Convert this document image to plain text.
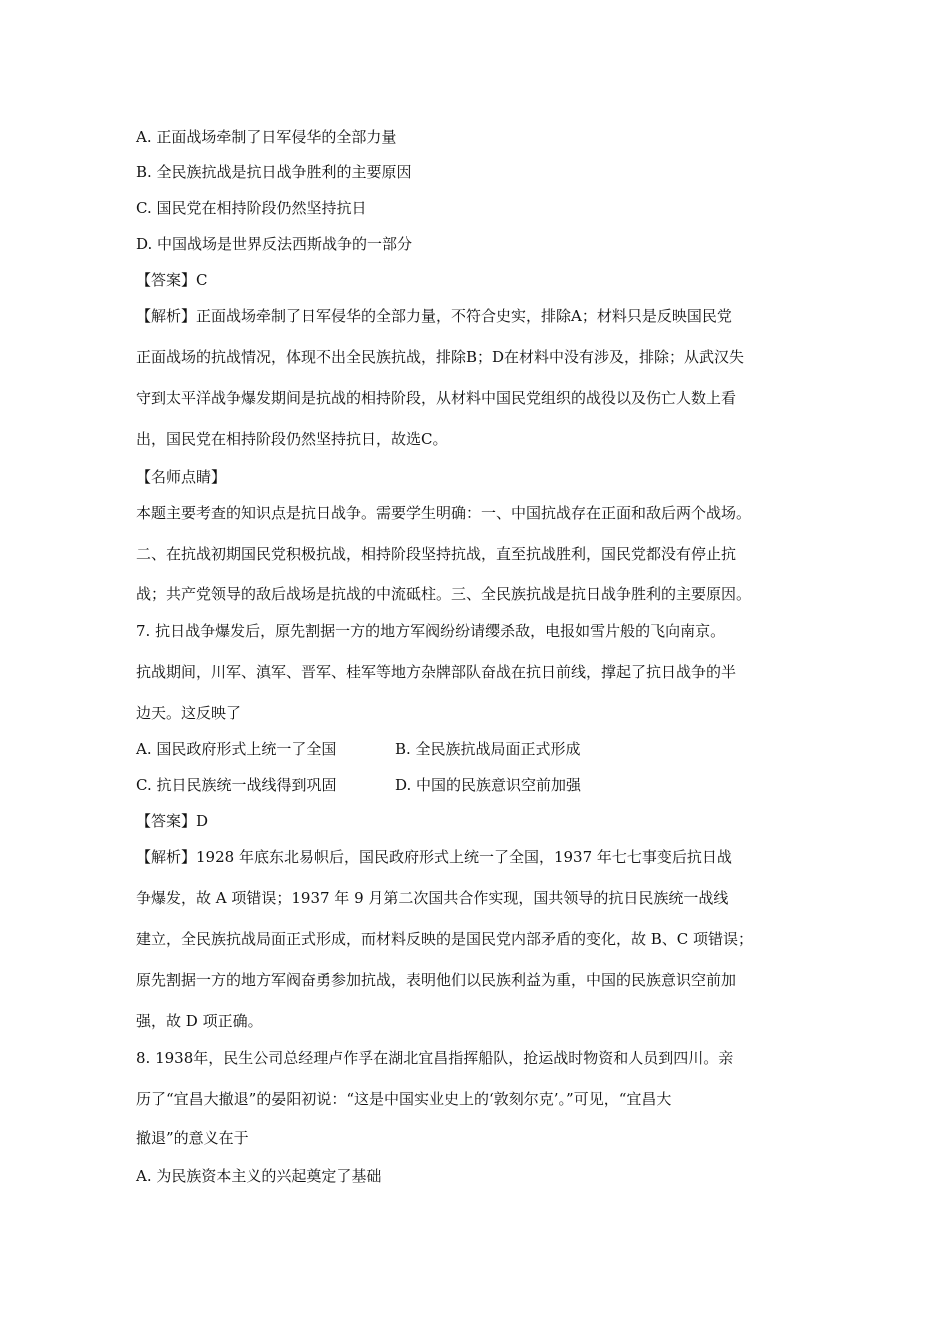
A. 正面战场牵制了日军侵华的全部力量
B. 全民族抗战是抗日战争胜利的主要原因
C. 国民党在相持阶段仍然坚持抗日
D. 中国战场是世界反法西斯战争的一部分
【答案】C
【解析】正面战场牵制了日军侵华的全部力量，不符合史实，排除A；材料只是反映国民党
正面战场的抗战情况，体现不出全民族抗战，排除B；D在材料中没有涉及，排除；从武汉失
守到太平洋战争爆发期间是抗战的相持阶段，从材料中国民党组织的战役以及伤亡人数上看
出，国民党在相持阶段仍然坚持抗日，故选C。
【名师点睛】
本题主要考查的知识点是抗日战争。需要学生明确：一、中国抗战存在正面和敌后两个战场。
二、在抗战初期国民党积极抗战，相持阶段坚持抗战，直至抗战胜利，国民党都没有停止抗
战；共产党领导的敌后战场是抗战的中流砥柱。三、全民族抗战是抗日战争胜利的主要原因。
7. 抗日战争爆发后，原先割据一方的地方军阀纷纷请缨杀敌，电报如雪片般的飞向南京。
抗战期间，川军、滇军、晋军、桂军等地方杂牌部队奋战在抗日前线，撑起了抗日战争的半
边天。这反映了
A. 国民政府形式上统一了全国	B. 全民族抗战局面正式形成
C. 抗日民族统一战线得到巩固	D. 中国的民族意识空前加强
【答案】D
【解析】1928 年底东北易帜后，国民政府形式上统一了全国，1937 年七七事变后抗日战
争爆发，故 A 项错误；1937 年 9 月第二次国共合作实现，国共领导的抗日民族统一战线
建立，全民族抗战局面正式形成，而材料反映的是国民党内部矛盾的变化，故 B、C 项错误；
原先割据一方的地方军阀奋勇参加抗战，表明他们以民族利益为重，中国的民族意识空前加
强，故 D 项正确。
8. 1938年，民生公司总经理卢作孚在湖北宜昌指挥船队，抢运战时物资和人员到四川。亲
历了“宜昌大撤退”的晏阳初说：“这是中国实业史上的‘敦刻尔克’。”可见，“宜昌大
撤退”的意义在于
A. 为民族资本主义的兴起奠定了基础
